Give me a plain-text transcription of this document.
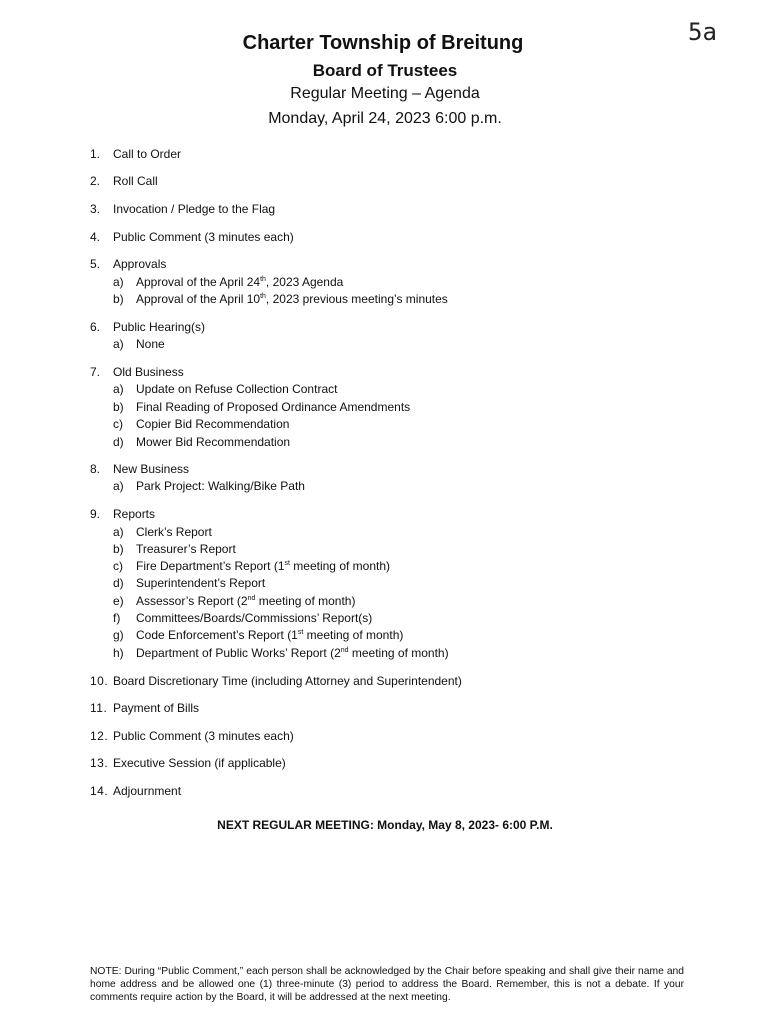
5a
Charter Township of Breitung
Board of Trustees
Regular Meeting – Agenda
Monday, April 24, 2023 6:00 p.m.
1. Call to Order
2. Roll Call
3. Invocation / Pledge to the Flag
4. Public Comment (3 minutes each)
5. Approvals
a) Approval of the April 24th, 2023 Agenda
b) Approval of the April 10th, 2023 previous meeting’s minutes
6. Public Hearing(s)
a) None
7. Old Business
a) Update on Refuse Collection Contract
b) Final Reading of Proposed Ordinance Amendments
c) Copier Bid Recommendation
d) Mower Bid Recommendation
8. New Business
a) Park Project: Walking/Bike Path
9. Reports
a) Clerk’s Report
b) Treasurer’s Report
c) Fire Department’s Report (1st meeting of month)
d) Superintendent’s Report
e) Assessor’s Report (2nd meeting of month)
f) Committees/Boards/Commissions’ Report(s)
g) Code Enforcement’s Report (1st meeting of month)
h) Department of Public Works’ Report (2nd meeting of month)
10. Board Discretionary Time (including Attorney and Superintendent)
11. Payment of Bills
12. Public Comment (3 minutes each)
13. Executive Session (if applicable)
14. Adjournment
NEXT REGULAR MEETING: Monday, May 8, 2023- 6:00 P.M.
NOTE: During “Public Comment,” each person shall be acknowledged by the Chair before speaking and shall give their name and home address and be allowed one (1) three-minute (3) period to address the Board. Remember, this is not a debate. If your comments require action by the Board, it will be addressed at the next meeting.
